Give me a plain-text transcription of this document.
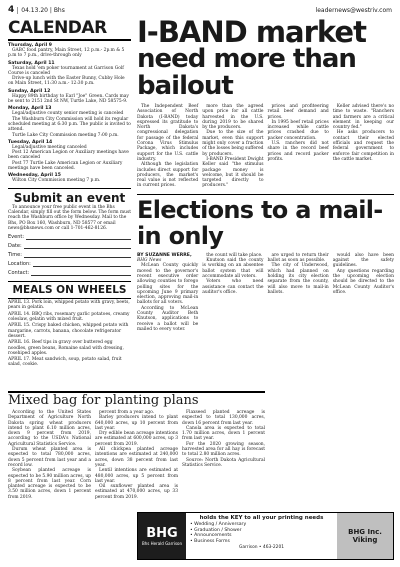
4	04.13.20 | Bhs	leadernews@westriv.com
CALENDAR
Thursday, April 9
GABC food pantry, Main Street, 12 p.m.- 2p.m & 5 p.m to 7 p.m., drive-through only
Saturday, April 11
Texas hold 'em poker tournament at Garrison Golf Course is canceled
Drive-up lunch with the Easter Bunny, Cubby Hole on Main Street, 11:30 a.m.- 12:30 p.m.
Sunday, April 12
Happy 89th birthday to Earl "Joe" Green. Cards may be sent to 2151 2nd St NW, Turtle Lake, ND 58575-9.
Monday, April 13
Legal/adjustive county senior meeting is canceled
The Washburn City Commission will hold its regular scheduled meeting at 6:30 p.m. The public is invited to attend.
Turtle Lake City Commission meeting 7:00 p.m.
Tuesday, April 14
Legal/adjustive meeting canceled
Post 12 American Legion or Auxiliary meetings have been canceled
Post 77 Turtle Lake American Legion or Auxiliary meetings have been canceled.
Wednesday, April 15
Wilton City Commission meeting 7 p.m.
Submit an event
To announce your free public event in the Bhs Calendar, simply fill out the form below. The form must reach the Washburn office by Wednesday. Mail to the Bhs, PO Box 160, Washburn, ND 58577 or email news@bhsnews.com or call 1-701-462-8126.
Event:
Date:
Time:
Location:
Contact:
MEALS ON WHEELS
APRIL 13. Pork loin, whipped potato with gravy, beets, pears in gelatin.
APRIL 14. BBQ ribs, rosemary garlic potatoes, creamy coleslaw, gelatin with mixed fruit.
APRIL 15. Crispy baked chicken, whipped potato with margarine, carrots, banana, chocolate refrigerator dessert.
APRIL 16. Beef tips in gravy over buttered egg noodles, green beans, Romaine salad with dressing, rosehiped apples.
APRIL 17. Meat sandwich, soup, potato salad, fruit salad, cookie.
Mixed bag for planting plans

According to the United States Department of Agriculture North Dakota spring wheat producers intend to plant 6.10 million acres, down 9 percent from 2019, according to the USDA's National Agricultural Statistics Service.

Durum wheat planted area is expected to total 780,000 acres, down 5 percent from last year and a record low.

Soybean planted acreage is expected to be 5.90 million acres, up 8 percent from last year. Corn planted acreage is expected to be 3.50 million acres, down 1 percent from 2019.

percent from a year ago.

Barley producers intend to plant 640,000 acres, up 10 percent from last year.

Dry edible bean acreage intentions are estimated at 600,000 acres, up 3 percent from 2019.

All chickpea planted acreage intentions are estimated at 240,000 acres, down 38 percent from last year.

Lentil intentions are estimated at 480,000 acres, up 5 percent from last year.

Oil sunflower planted area is estimated at 470,000 acres, up 33 percent from 2019.

Flaxseed planted acreage is expected to total 130,000 acres, down 16 percent from last year.

Canola area is expected to total 1.70 million acres, down 1 percent from last year.

For the 2020 growing season, harvested area for all hay is forecast to total 2.80 million acres.

Source: North Dakota Agricultural Statistics Service.

I-BAND market
need more than bailout

The Independent Beef Association of North Dakota (I-BAND) today expressed its gratitude to North Dakota's congressional delegation for passage of the federal Corona Virus Stimulus Package, which includes support for the U.S. cattle industry.

Although the legislation includes direct support for producers, the market's real value is not reflected in current prices.

more than the agreed upon price for all cattle harvested in the U.S. during 2019 to be shared by the producers.

Due to the size of the market, even this support might only cover a fraction of the losses being suffered by producers.

I-BAND President Dwight Keller said "the stimulus package money is welcome, but it should be targeted directly to producers."

prices and profiteering retail beef demand and prices.

In 1995 beef retail prices increased while cattle prices crashed due to packer concentration.

U.S. ranchers did not share in the record beef prices and record packer profits.

Keller advised there's no time to waste. "Ranchers and farmers are a critical element in keeping our country fed."

He asks producers to contact their elected officials and request the federal government to enforce fair competition in the cattle market.

Elections to a mail-in only
BY SUZANNE WERRE,
BHG News

McLean County quickly moved to the governor's recent executive order allowing counties to forego polling sites for the upcoming June 9 primary election, approving mail-in ballots for all voters.

According to McLean County Auditor Beth Knutson, applications to receive a ballot will be mailed to every voter.

the count will take place.

Knutson said the county is working on an absentee ballot system that will accommodate all voters.

Voters who need assistance can contact the auditor's office.

are urged to return their ballot as soon as possible.

The city of Underwood, which had planned on holding its city election separate from the county, will also move to mail-in ballots.

would also have been against the safety guidelines.

Any questions regarding the upcoming election should be directed to the McLean County Auditor's office.

BHG
Bhs Herald Garrison
holds the KEY to all your printing needs
• Wedding / Anniversary
• Graduation / Shower
• Announcements
• Business Forms
Garrison • 463-2201
BHG Inc. Viking
